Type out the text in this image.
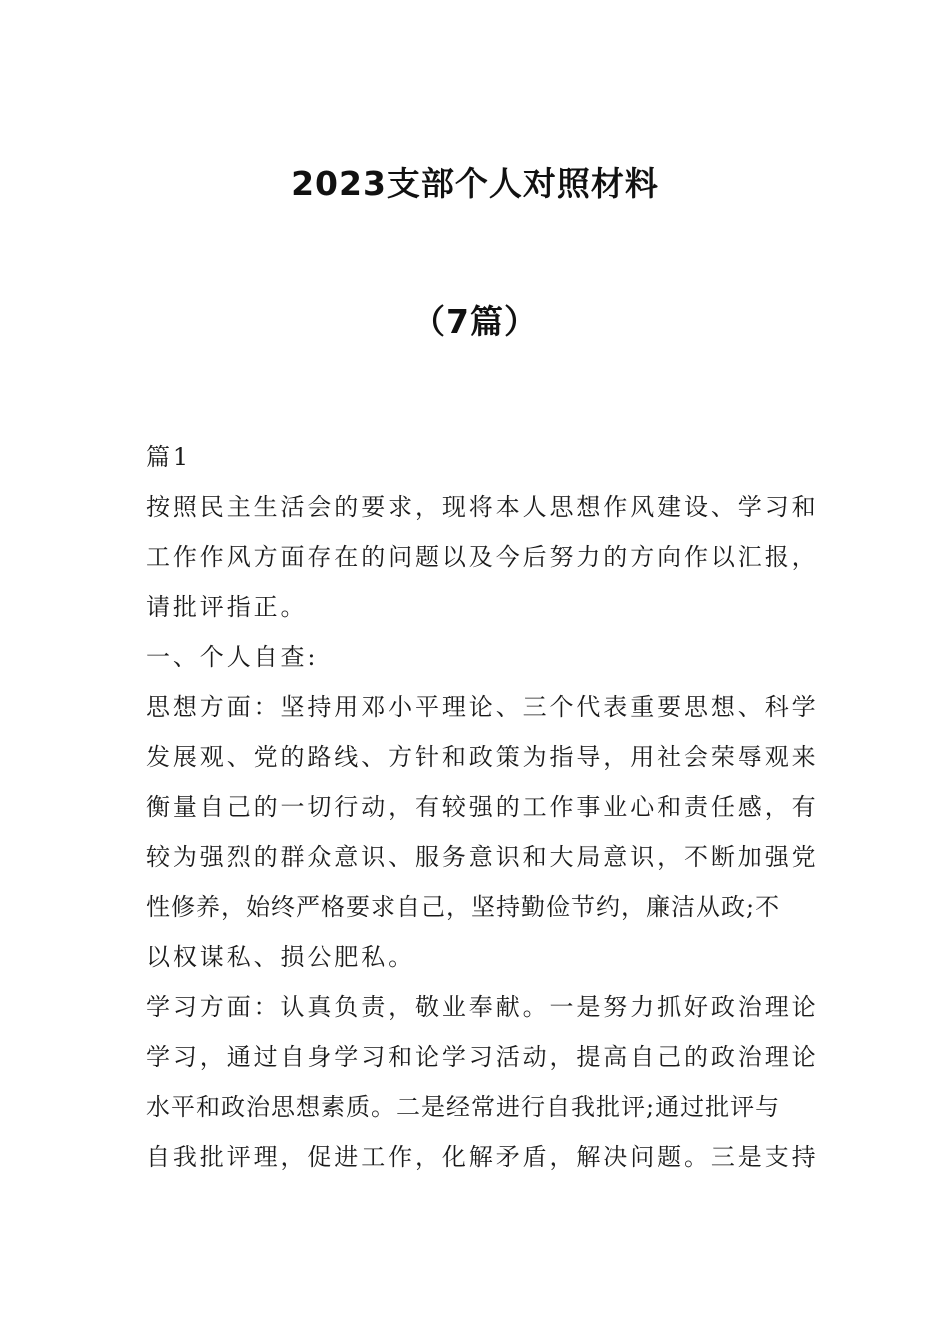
2023支部个人对照材料
（7篇）
篇1
按照民主生活会的要求，现将本人思想作风建设、学习和
工作作风方面存在的问题以及今后努力的方向作以汇报，
请批评指正。
一、个人自查:
思想方面：坚持用邓小平理论、三个代表重要思想、科学
发展观、党的路线、方针和政策为指导，用社会荣辱观来
衡量自己的一切行动，有较强的工作事业心和责任感，有
较为强烈的群众意识、服务意识和大局意识，不断加强党
性修养，始终严格要求自己，坚持勤俭节约，廉洁从政;不
以权谋私、损公肥私。
学习方面：认真负责，敬业奉献。一是努力抓好政治理论
学习，通过自身学习和论学习活动，提高自己的政治理论
水平和政治思想素质。二是经常进行自我批评;通过批评与
自我批评理，促进工作，化解矛盾，解决问题。三是支持
